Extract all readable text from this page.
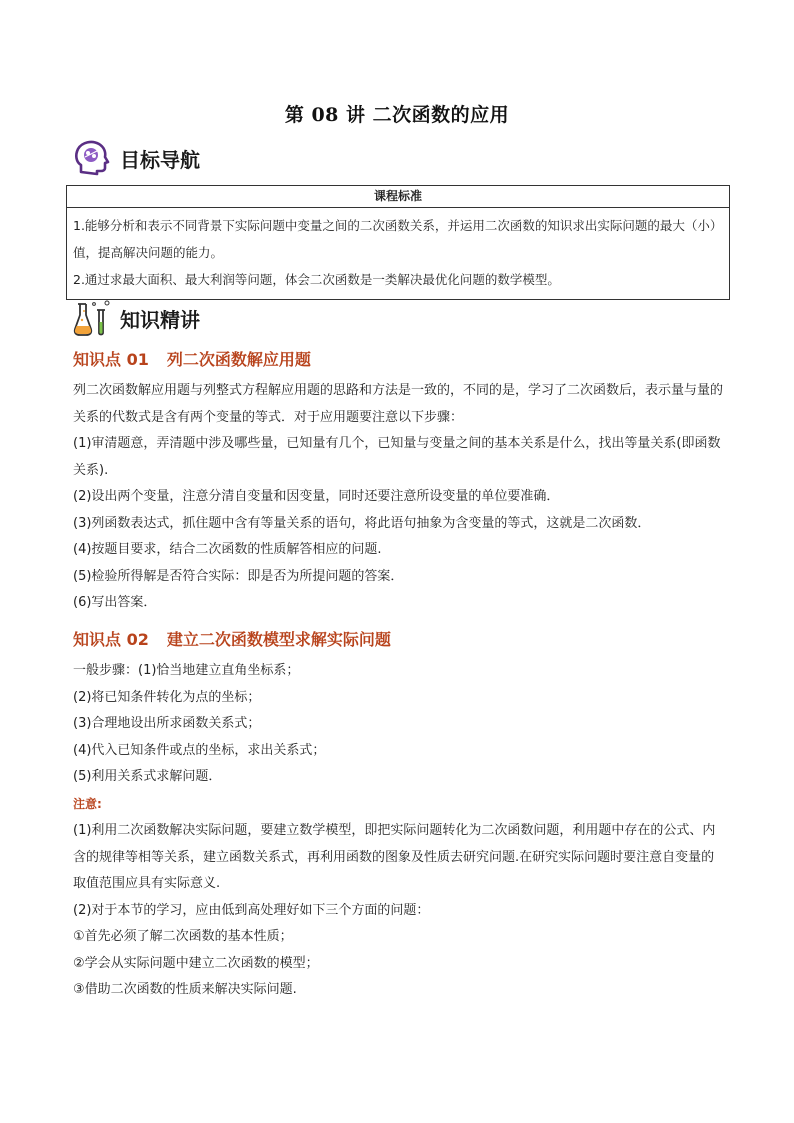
第 08 讲 二次函数的应用
目标导航
课程标准

1.能够分析和表示不同背景下实际问题中变量之间的二次函数关系，并运用二次函数的知识求出实际问题的最大（小）值，提高解决问题的能力。

2.通过求最大面积、最大利润等问题，体会二次函数是一类解决最优化问题的数学模型。

知识精讲
知识点 01 列二次函数解应用题

列二次函数解应用题与列整式方程解应用题的思路和方法是一致的，不同的是，学习了二次函数后，表示量与量的关系的代数式是含有两个变量的等式．对于应用题要注意以下步骤：

(1)审清题意，弄清题中涉及哪些量，已知量有几个，已知量与变量之间的基本关系是什么，找出等量关系(即函数关系).

(2)设出两个变量，注意分清自变量和因变量，同时还要注意所设变量的单位要准确．

(3)列函数表达式，抓住题中含有等量关系的语句，将此语句抽象为含变量的等式，这就是二次函数．

(4)按题目要求，结合二次函数的性质解答相应的问题.

(5)检验所得解是否符合实际：即是否为所提问题的答案．

(6)写出答案．

知识点 02 建立二次函数模型求解实际问题

一般步骤：(1)恰当地建立直角坐标系；

(2)将已知条件转化为点的坐标；

(3)合理地设出所求函数关系式；

(4)代入已知条件或点的坐标，求出关系式；

(5)利用关系式求解问题．

注意:

(1)利用二次函数解决实际问题，要建立数学模型，即把实际问题转化为二次函数问题，利用题中存在的公式、内含的规律等相等关系，建立函数关系式，再利用函数的图象及性质去研究问题.在研究实际问题时要注意自变量的取值范围应具有实际意义.

(2)对于本节的学习，应由低到高处理好如下三个方面的问题：

①首先必须了解二次函数的基本性质；

②学会从实际问题中建立二次函数的模型；

③借助二次函数的性质来解决实际问题.
